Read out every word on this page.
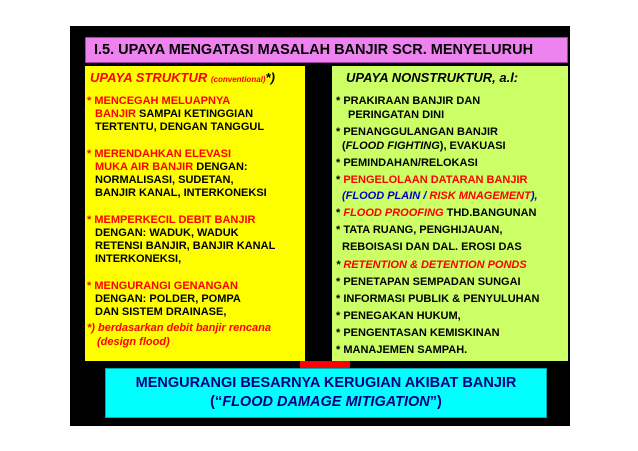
I.5. UPAYA MENGATASI MASALAH BANJIR SCR. MENYELURUH
UPAYA STRUKTUR (conventional)*)
* MENCEGAH MELUAPNYA
BANJIR SAMPAI KETINGGIAN
TERTENTU, DENGAN TANGGUL
* MERENDAHKAN ELEVASI
MUKA AIR BANJIR DENGAN:
NORMALISASI, SUDETAN,
BANJIR KANAL, INTERKONEKSI
* MEMPERKECIL DEBIT BANJIR
DENGAN: WADUK, WADUK
RETENSI BANJIR, BANJIR KANAL
INTERKONEKSI,
* MENGURANGI GENANGAN
DENGAN: POLDER, POMPA
DAN SISTEM DRAINASE,
*) berdasarkan debit banjir rencana
(design flood)
UPAYA NONSTRUKTUR, a.l:
* PRAKIRAAN BANJIR DAN
PERINGATAN DINI
* PENANGGULANGAN BANJIR
(FLOOD FIGHTING), EVAKUASI
* PEMINDAHAN/RELOKASI
* PENGELOLAAN DATARAN BANJIR
(FLOOD PLAIN / RISK MNAGEMENT),
* FLOOD PROOFING THD.BANGUNAN
* TATA RUANG, PENGHIJAUAN,
REBOISASI DAN DAL. EROSI DAS
* RETENTION & DETENTION PONDS
* PENETAPAN SEMPADAN SUNGAI
* INFORMASI PUBLIK & PENYULUHAN
* PENEGAKAN HUKUM,
* PENGENTASAN KEMISKINAN
* MANAJEMEN SAMPAH.
MENGURANGI BESARNYA KERUGIAN AKIBAT BANJIR
(“FLOOD DAMAGE MITIGATION”)
